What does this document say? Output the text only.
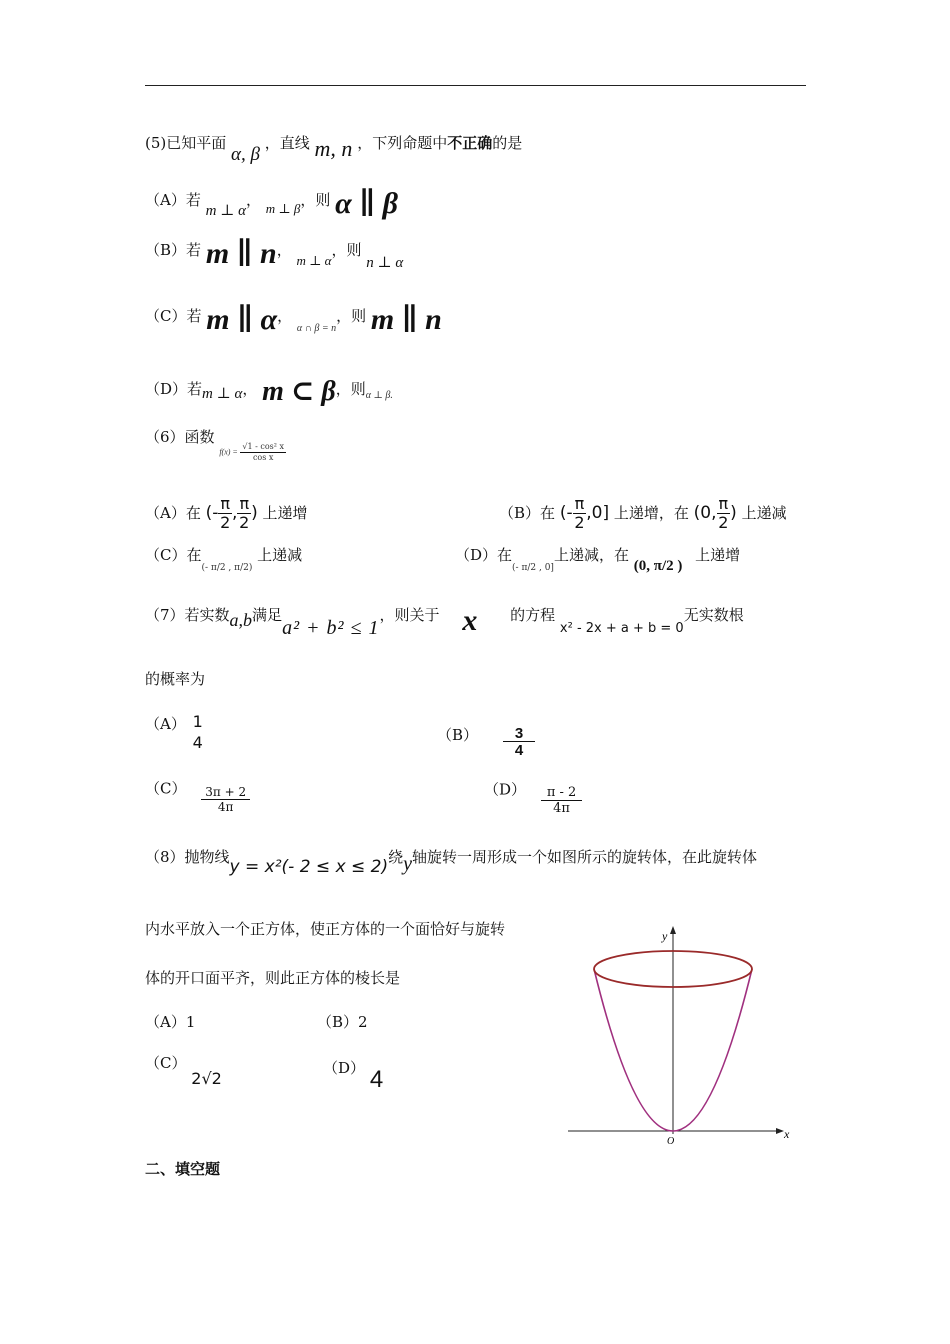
(5)已知平面 α, β ，直线 m, n ，下列命题中不正确的是
（A）若 m ⊥ α， m ⊥ β，则 α ∥ β
（B）若 m ∥ n， m ⊥ α，则 n ⊥ α
（C）若 m ∥ α， $_{\alpha \cap \beta = n}$，则 m ∥ n
（D）若m ⊥ α， m ⊂ β，则$_{\alpha \perp \beta.}$
（6）函数 $f(x) = \frac{\text{√1 - cos² x}}{\text{cos x}}$
（A）在 (- $\frac{\pi}{2}$ , $\frac{\pi}{2}$ ) 上递增	（B）在 (- $\frac{\pi}{2} ,0$] 上递增，在 (0, $\frac{\pi}{2}$ ) 上递减
（C）在$_{(- \pi/2 , \pi/2)}$ 上递减	（D）在$_{(- \pi/2 , 0]}$上递减，在 (0, π/2 ) 上递增
（7）若实数a,b满足a² + b² ≤ 1，则关于 x 的方程 x² - 2x + a + b = 0无实数根
的概率为
（A） 1
4	$(B) \frac{3}{4}$
$(C) \frac{3\pi + 2}{4\pi}$	$(D) \frac{\pi - 2}{4\pi}$
（8）抛物线y = x²(- 2 ≤ x ≤ 2)绕y轴旋转一周形成一个如图所示的旋转体，在此旋转体
内水平放入一个正方体，使正方体的一个面恰好与旋转
体的开口面平齐，则此正方体的棱长是
（A）1	（B）2
（C） 2√2
（D） 4
y
x
O
二、填空题
